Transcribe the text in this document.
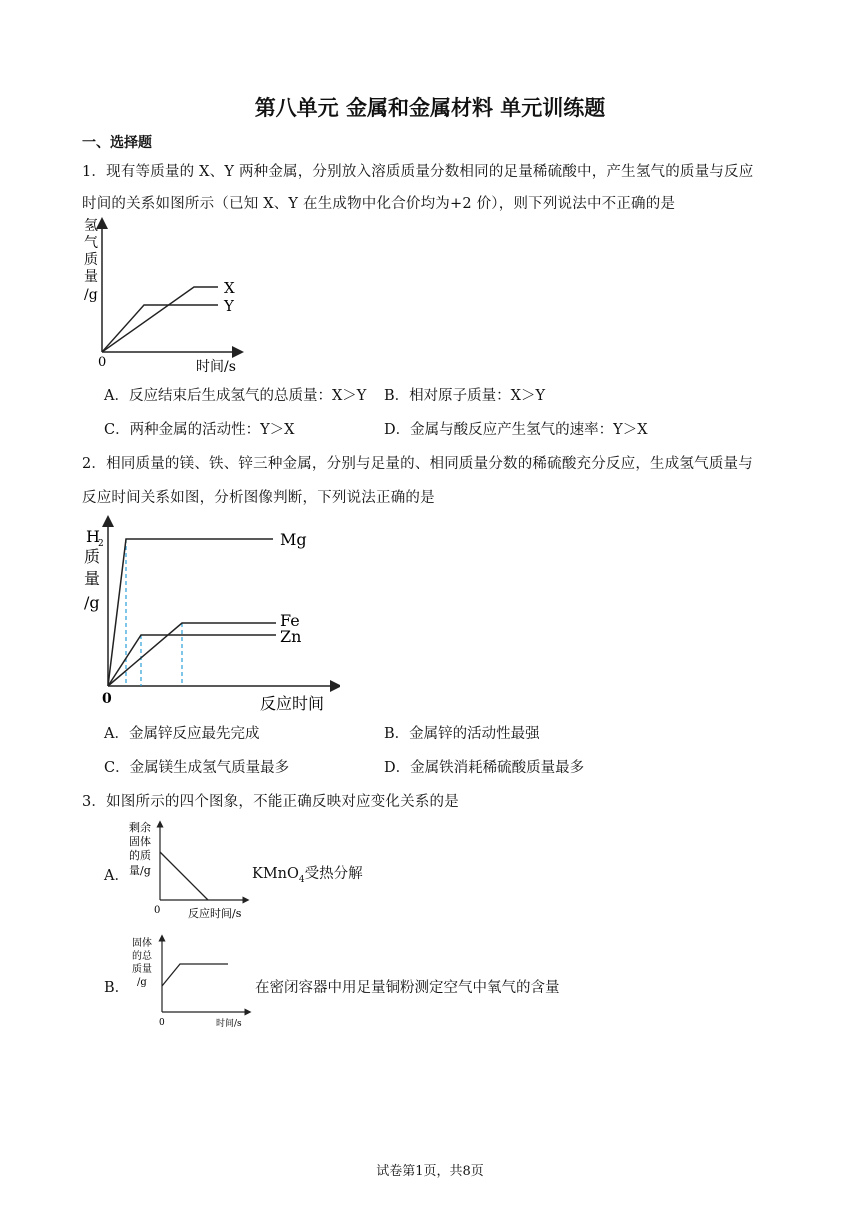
第八单元 金属和金属材料 单元训练题
一、选择题
1．现有等质量的 X、Y 两种金属，分别放入溶质质量分数相同的足量稀硫酸中，产生氢气的质量与反应
时间的关系如图所示（已知 X、Y 在生成物中化合价均为+2 价），则下列说法中不正确的是
氢
气
质
量
/g
0	时间/s
X
Y
A．反应结束后生成氢气的总质量：X＞Y B．相对原子质量：X＞Y
C．两种金属的活动性：Y＞X	D．金属与酸反应产生氢气的速率：Y＞X
2．相同质量的镁、铁、锌三种金属，分别与足量的、相同质量分数的稀硫酸充分反应，生成氢气质量与
反应时间关系如图，分析图像判断，下列说法正确的是
H
2
质
量
/g
0	反应时间
Mg
Fe
Zn
A．金属锌反应最先完成	B．金属锌的活动性最强
C．金属镁生成氢气质量最多	D．金属铁消耗稀硫酸质量最多
3．如图所示的四个图象，不能正确反映对应变化关系的是
A．
剩余
固体
的质
量/g
0	反应时间/s
KMnO$_4$受热分解
B．
固体
的总
质量
/g
0	时间/s
在密闭容器中用足量铜粉测定空气中氧气的含量
试卷第1页，共8页
